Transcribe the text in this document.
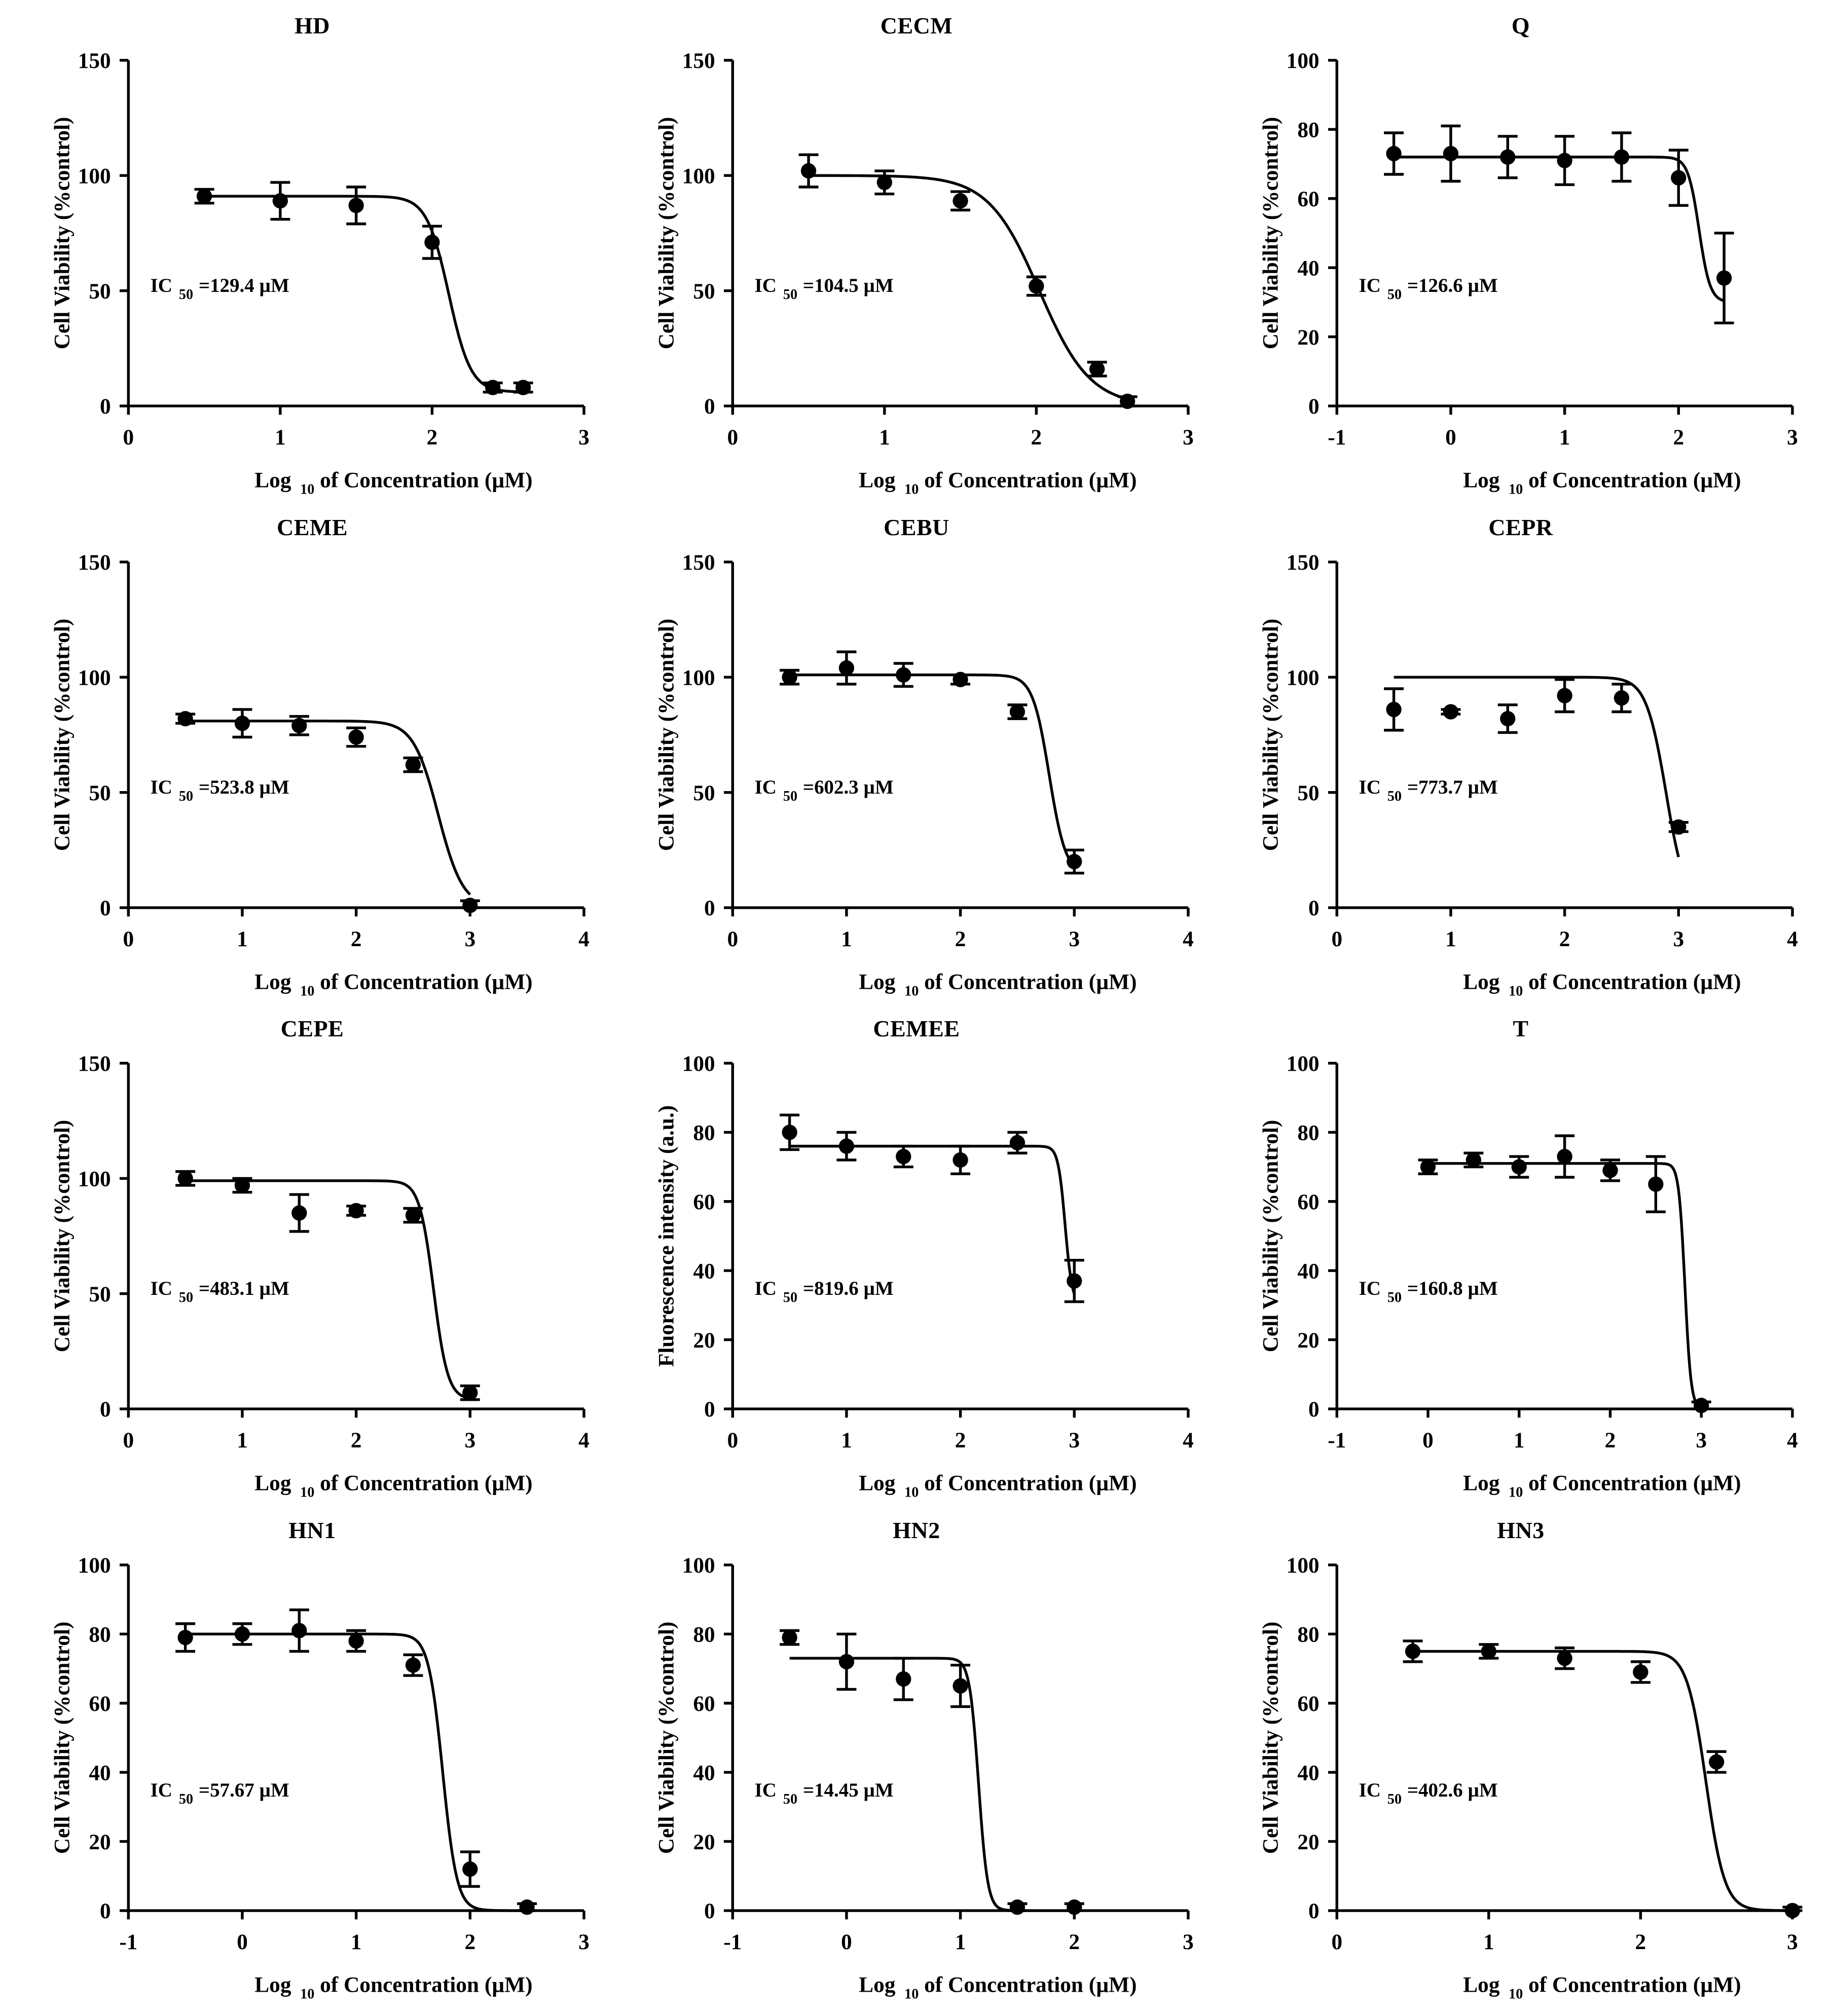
HD
0	1	2	3
0
50
100
150
Log 10 of Concentration (µM)
Cell Viability (%control)	IC 50 =129.4 µM
CECM
0	1	2	3
0
50
100
150
Log 10 of Concentration (µM)
Cell Viability (%control)	IC 50 =104.5 µM
Q
-1	0	1	2	3
0
20
40
60
80
100
Log 10 of Concentration (µM)
Cell Viability (%control)	IC 50 =126.6 µM
CEME
0	1	2	3	4
0
50
100
150
Log 10 of Concentration (µM)
Cell Viability (%control)	IC 50 =523.8 µM
CEBU
0	1	2	3	4
0
50
100
150
Log 10 of Concentration (µM)
Cell Viability (%control)	IC 50 =602.3 µM
CEPR
0	1	2	3	4
0
50
100
150
Log 10 of Concentration (µM)
Cell Viability (%control)	IC 50 =773.7 µM
CEPE
0	1	2	3	4
0
50
100
150
Log 10 of Concentration (µM)
Cell Viability (%control)	IC 50 =483.1 µM
CEMEE
0	1	2	3	4
0
20
40
60
80
100
Log 10 of Concentration (µM)
Fluorescence intensity (a.u.)	IC 50 =819.6 µM
T
-1	0	1	2	3	4
0
20
40
60
80
100
Log 10 of Concentration (µM)
Cell Viability (%control)	IC 50 =160.8 µM
HN1
-1	0	1	2	3
0
20
40
60
80
100
Log 10 of Concentration (µM)
Cell Viability (%control)	IC 50 =57.67 µM
HN2
-1	0	1	2	3
0
20
40
60
80
100
Log 10 of Concentration (µM)
Cell Viability (%control)	IC 50 =14.45 µM
HN3
0	1	2	3
0
20
40
60
80
100
Log 10 of Concentration (µM)
Cell Viability (%control)	IC 50 =402.6 µM
